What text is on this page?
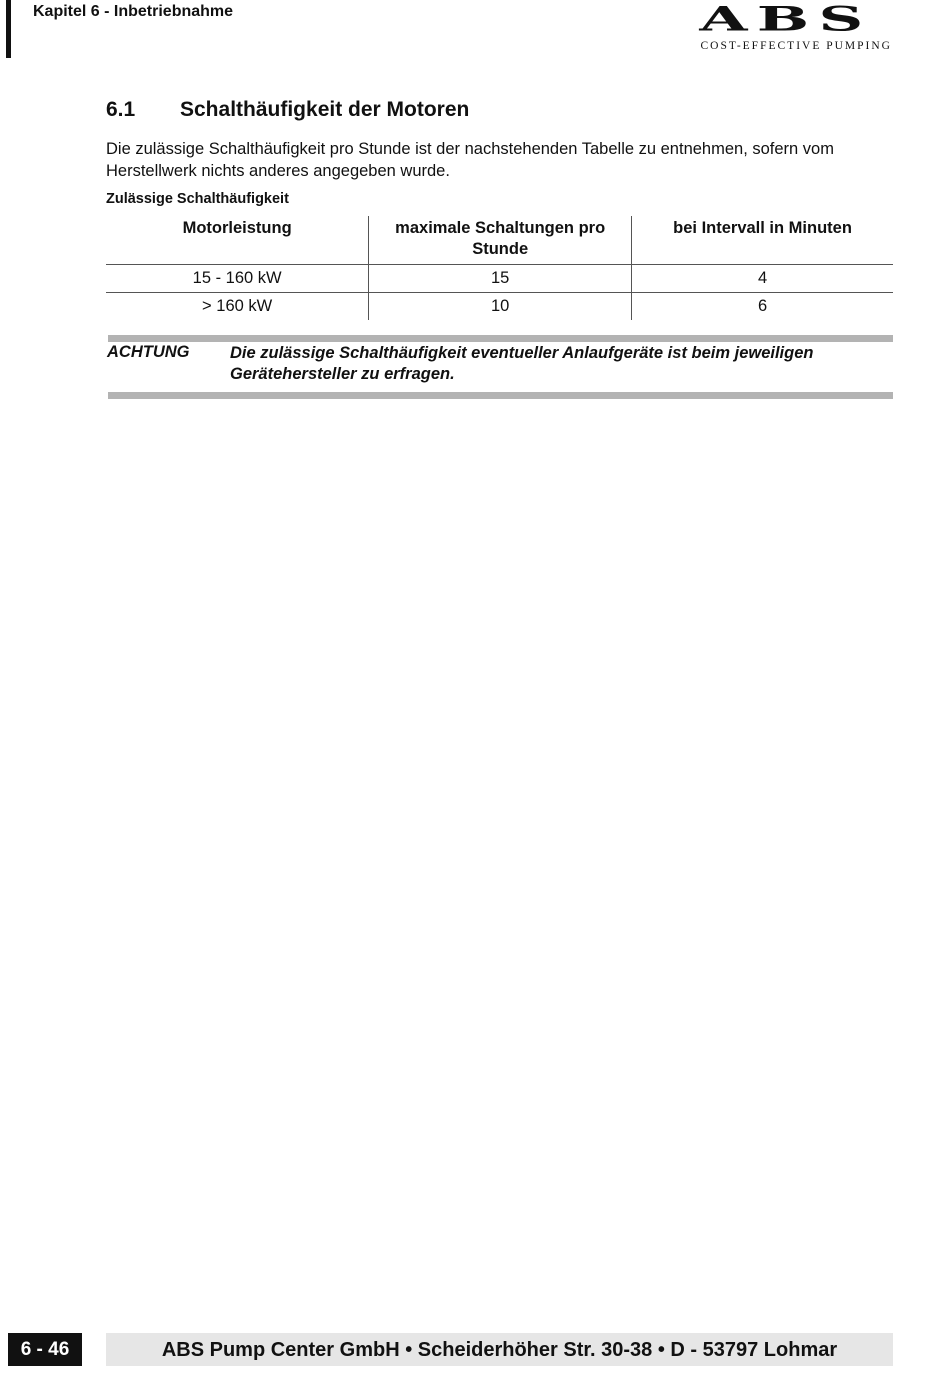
Kapitel 6 - Inbetriebnahme	ABS
COST-EFFECTIVE PUMPING
6.1 Schalthäufigkeit der Motoren
Die zulässige Schalthäufigkeit pro Stunde ist der nachstehenden Tabelle zu entnehmen, sofern vom Herstellwerk nichts anderes angegeben wurde.
Zulässige Schalthäufigkeit
Motorleistung	maximale Schaltungen pro Stunde	bei Intervall in Minuten
15 - 160 kW	15	4
> 160 kW	10	6
ACHTUNG Die zulässige Schalthäufigkeit eventueller Anlaufgeräte ist beim jeweiligen Gerätehersteller zu erfragen.
6 - 46	ABS Pump Center GmbH • Scheiderhöher Str. 30-38 • D - 53797 Lohmar
